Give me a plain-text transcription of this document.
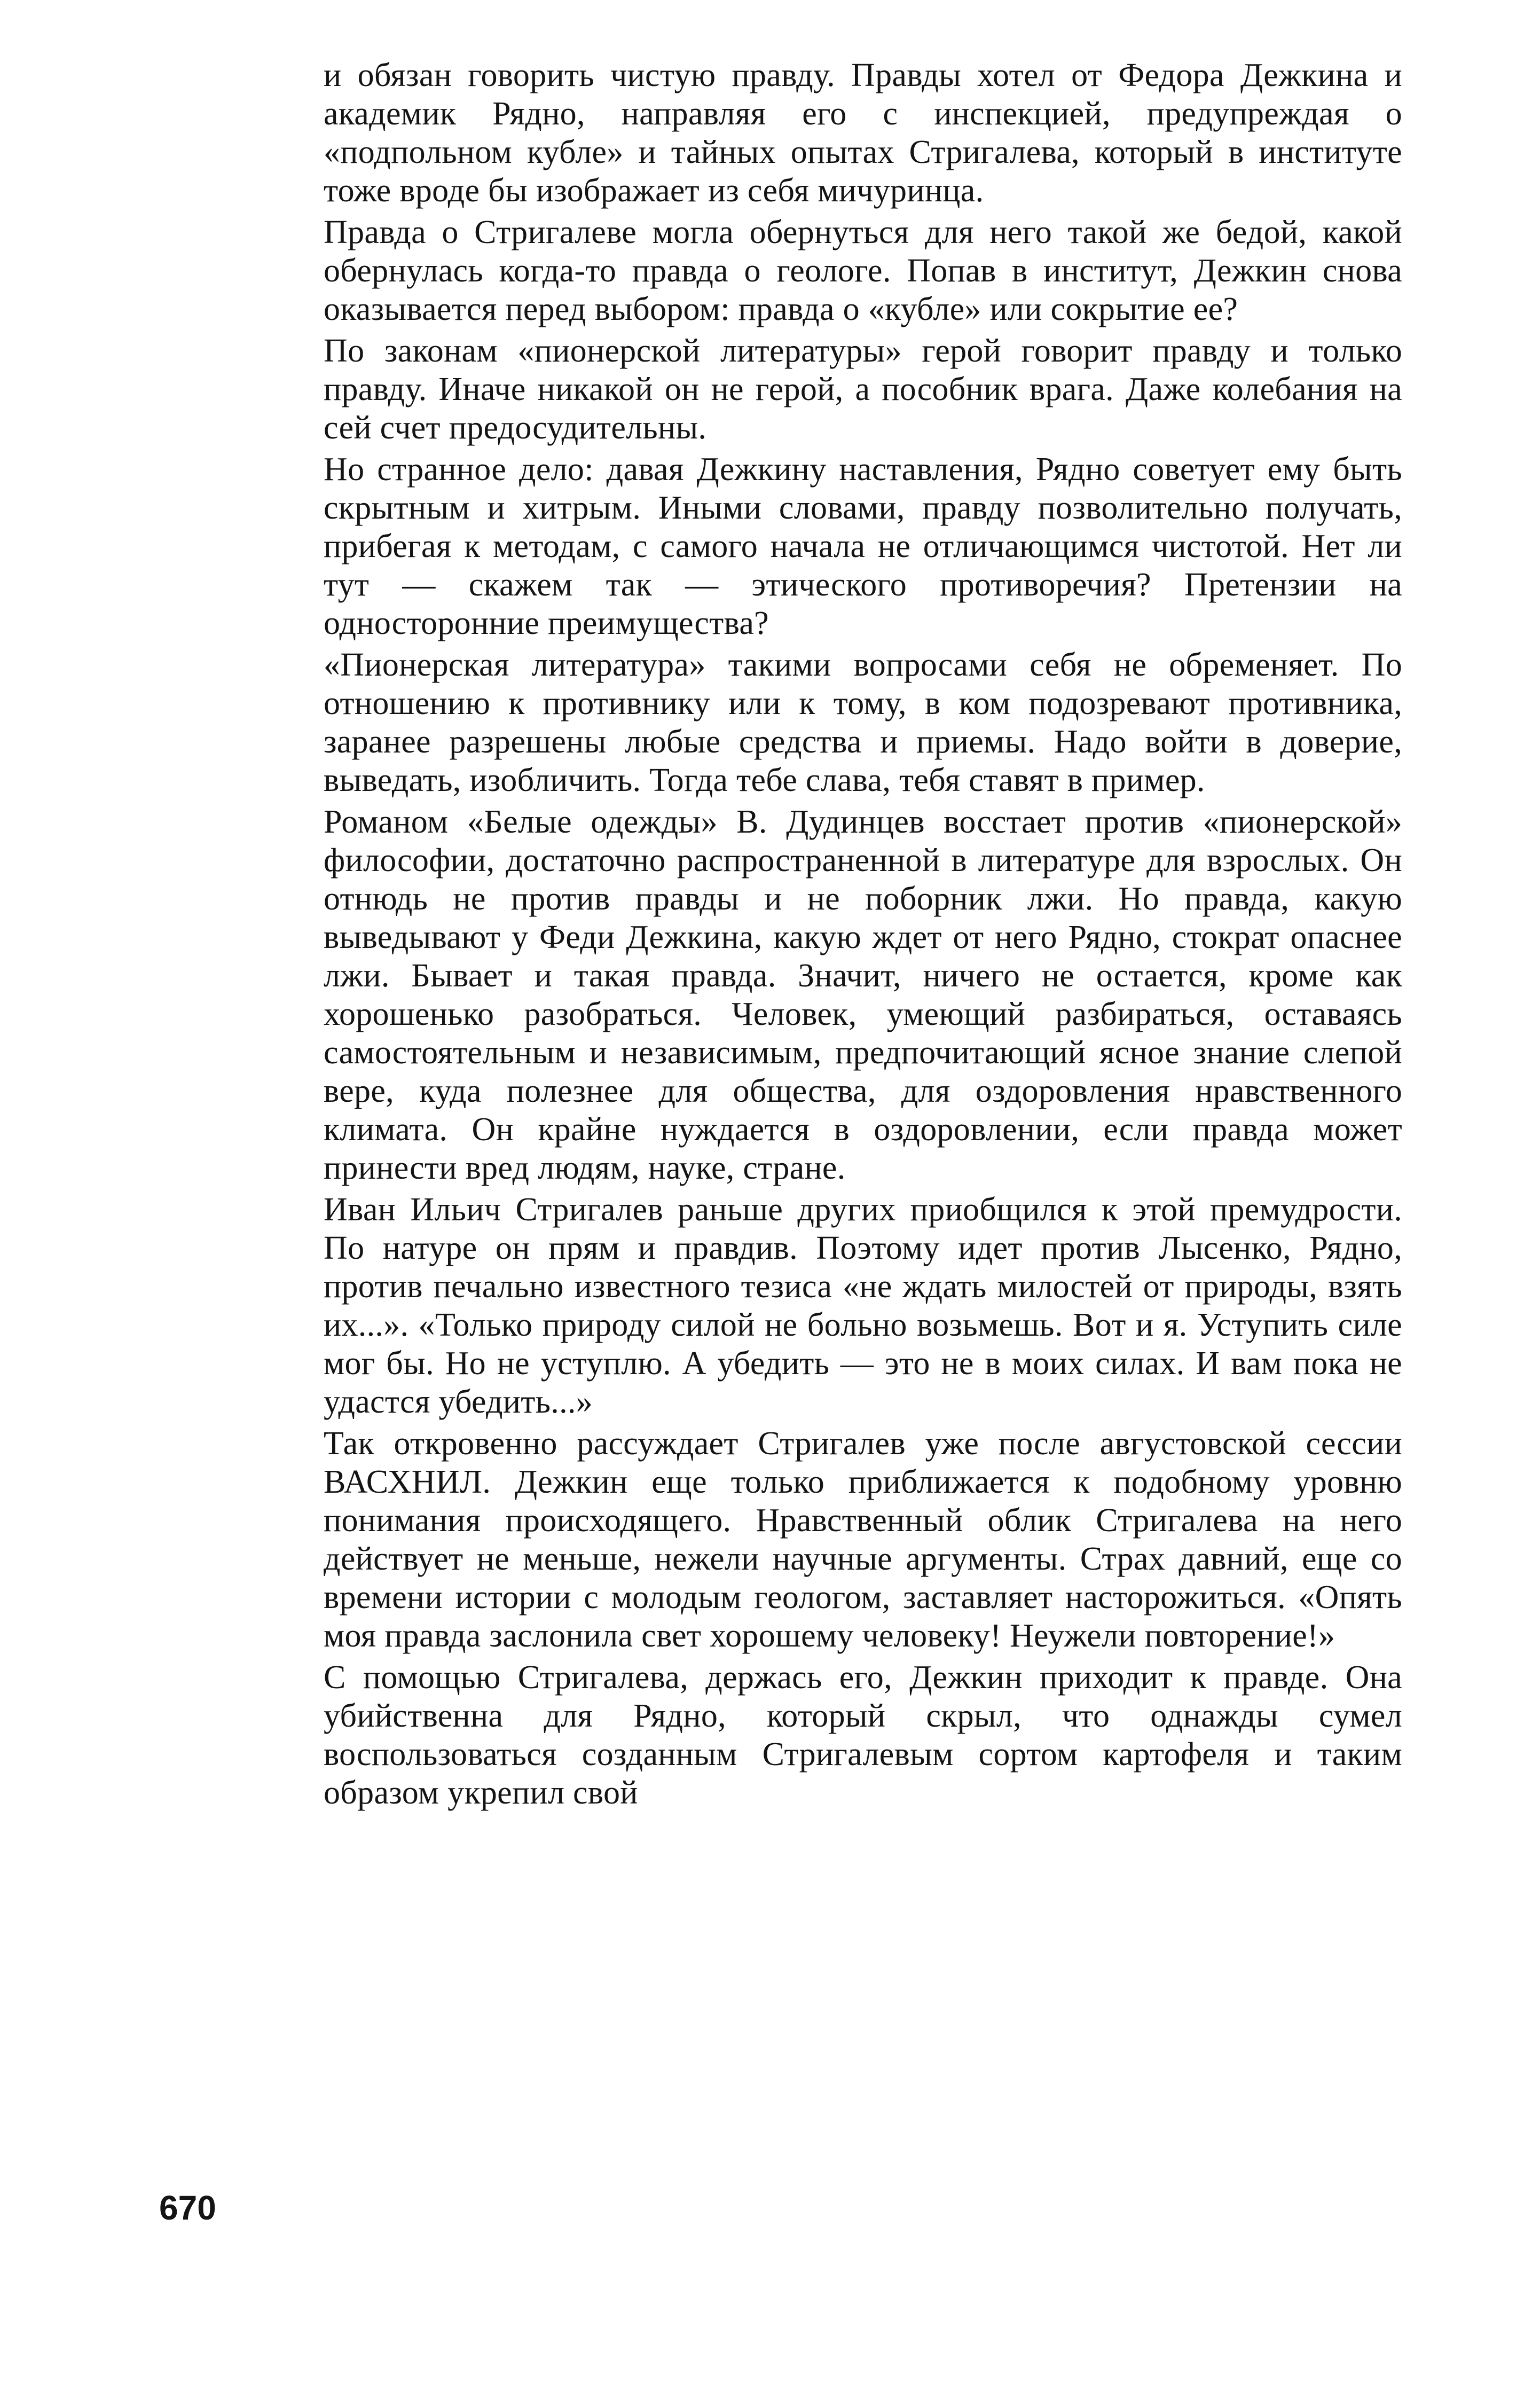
и обязан говорить чистую правду. Правды хотел от Федора Дежкина и академик Рядно, направляя его с инспекцией, предупреждая о «подпольном кубле» и тайных опытах Стригалева, который в институте тоже вроде бы изображает из себя мичуринца.

Правда о Стригалеве могла обернуться для него такой же бедой, какой обернулась когда-то правда о геологе. Попав в институт, Дежкин снова оказывается перед выбором: правда о «кубле» или сокрытие ее?

По законам «пионерской литературы» герой говорит правду и только правду. Иначе никакой он не герой, а пособник врага. Даже колебания на сей счет предосудительны.

Но странное дело: давая Дежкину наставления, Рядно советует ему быть скрытным и хитрым. Иными словами, правду позволительно получать, прибегая к методам, с самого начала не отличающимся чистотой. Нет ли тут — скажем так — этического противоречия? Претензии на односторонние преимущества?

«Пионерская литература» такими вопросами себя не обременяет. По отношению к противнику или к тому, в ком подозревают противника, заранее разрешены любые средства и приемы. Надо войти в доверие, выведать, изобличить. Тогда тебе слава, тебя ставят в пример.

Романом «Белые одежды» В. Дудинцев восстает против «пионерской» философии, достаточно распространенной в литературе для взрослых. Он отнюдь не против правды и не поборник лжи. Но правда, какую выведывают у Феди Дежкина, какую ждет от него Рядно, стократ опаснее лжи. Бывает и такая правда. Значит, ничего не остается, кроме как хорошенько разобраться. Человек, умеющий разбираться, оставаясь самостоятельным и независимым, предпочитающий ясное знание слепой вере, куда полезнее для общества, для оздоровления нравственного климата. Он крайне нуждается в оздоровлении, если правда может принести вред людям, науке, стране.

Иван Ильич Стригалев раньше других приобщился к этой премудрости. По натуре он прям и правдив. Поэтому идет против Лысенко, Рядно, против печально известного тезиса «не ждать милостей от природы, взять их...». «Только природу силой не больно возьмешь. Вот и я. Уступить силе мог бы. Но не уступлю. А убедить — это не в моих силах. И вам пока не удастся убедить...»

Так откровенно рассуждает Стригалев уже после августовской сессии ВАСХНИЛ. Дежкин еще только приближается к подобному уровню понимания происходящего. Нравственный облик Стригалева на него действует не меньше, нежели научные аргументы. Страх давний, еще со времени истории с молодым геологом, заставляет насторожиться. «Опять моя правда заслонила свет хорошему человеку! Неужели повторение!»

С помощью Стригалева, держась его, Дежкин приходит к правде. Она убийственна для Рядно, который скрыл, что однажды сумел воспользоваться созданным Стригалевым сортом картофеля и таким образом укрепил свой

670
